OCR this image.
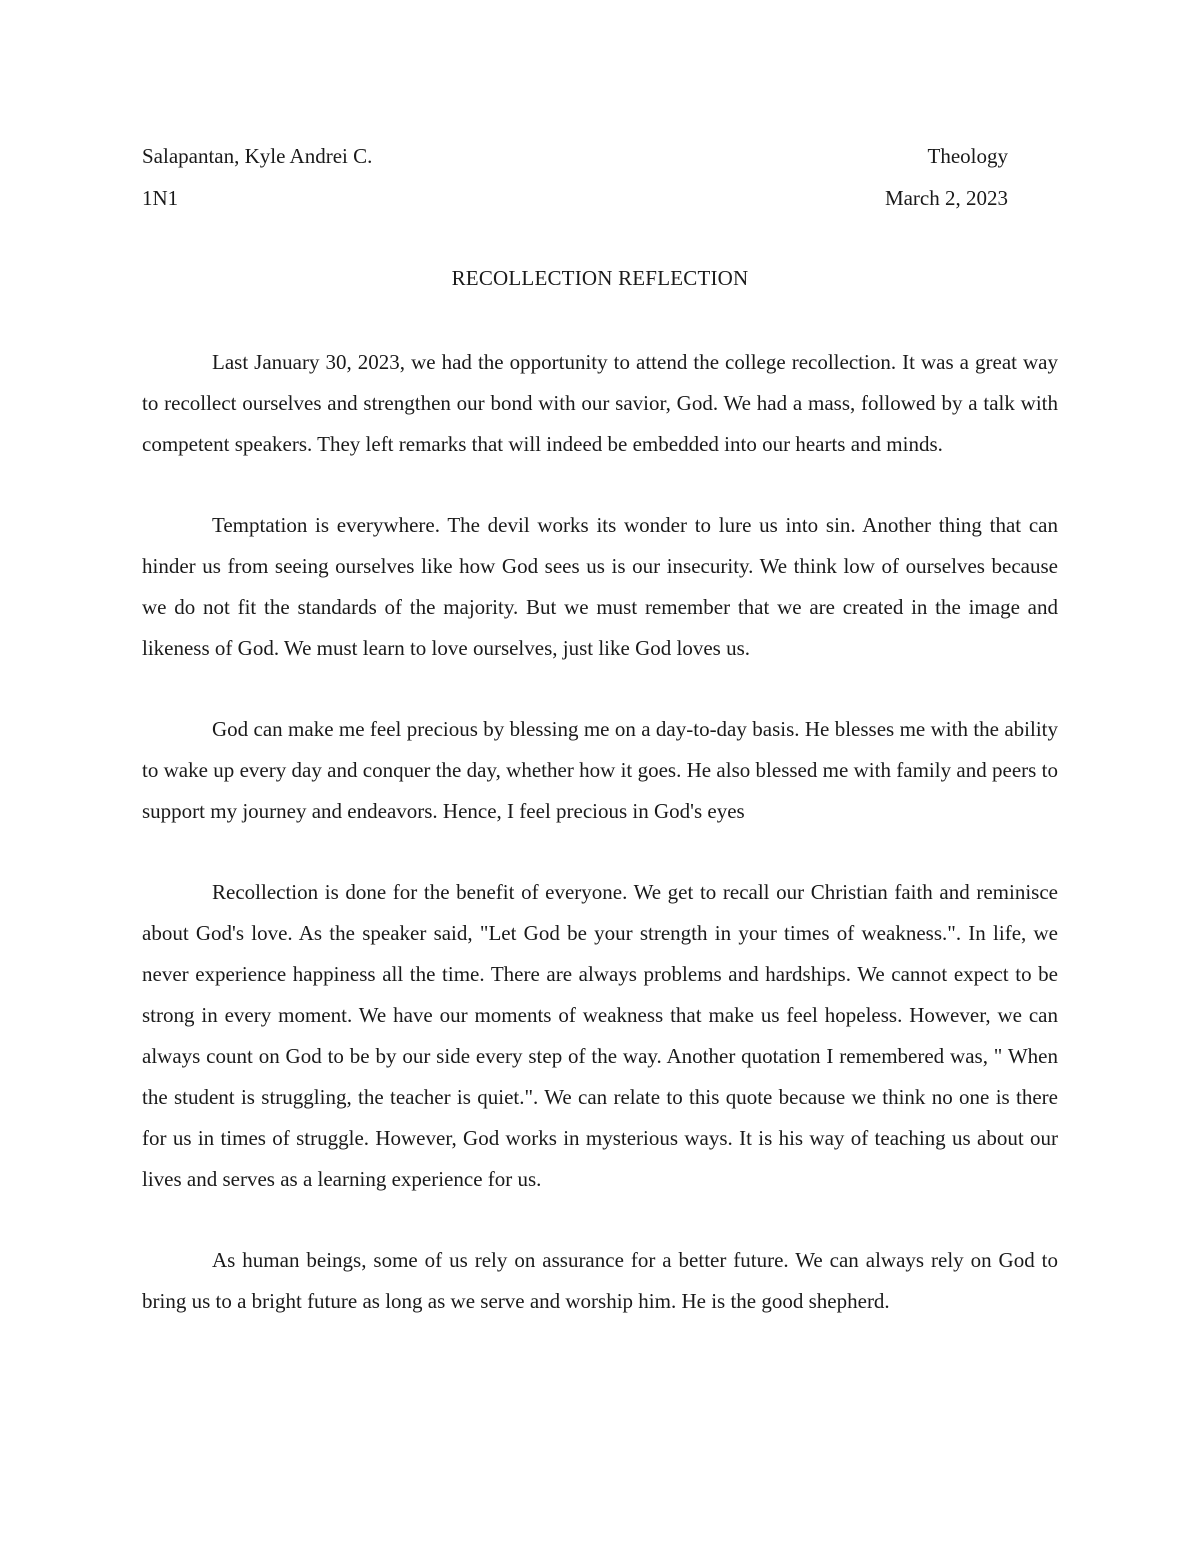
Salapantan, Kyle Andrei C.	Theology
1N1	March 2, 2023
RECOLLECTION REFLECTION

Last January 30, 2023, we had the opportunity to attend the college recollection. It was a great way to recollect ourselves and strengthen our bond with our savior, God. We had a mass, followed by a talk with competent speakers. They left remarks that will indeed be embedded into our hearts and minds.

Temptation is everywhere. The devil works its wonder to lure us into sin. Another thing that can hinder us from seeing ourselves like how God sees us is our insecurity. We think low of ourselves because we do not fit the standards of the majority. But we must remember that we are created in the image and likeness of God. We must learn to love ourselves, just like God loves us.

God can make me feel precious by blessing me on a day-to-day basis. He blesses me with the ability to wake up every day and conquer the day, whether how it goes. He also blessed me with family and peers to support my journey and endeavors. Hence, I feel precious in God's eyes

Recollection is done for the benefit of everyone. We get to recall our Christian faith and reminisce about God's love. As the speaker said, "Let God be your strength in your times of weakness.". In life, we never experience happiness all the time. There are always problems and hardships. We cannot expect to be strong in every moment. We have our moments of weakness that make us feel hopeless. However, we can always count on God to be by our side every step of the way. Another quotation I remembered was, " When the student is struggling, the teacher is quiet.". We can relate to this quote because we think no one is there for us in times of struggle. However, God works in mysterious ways. It is his way of teaching us about our lives and serves as a learning experience for us.

As human beings, some of us rely on assurance for a better future. We can always rely on God to bring us to a bright future as long as we serve and worship him. He is the good shepherd.
